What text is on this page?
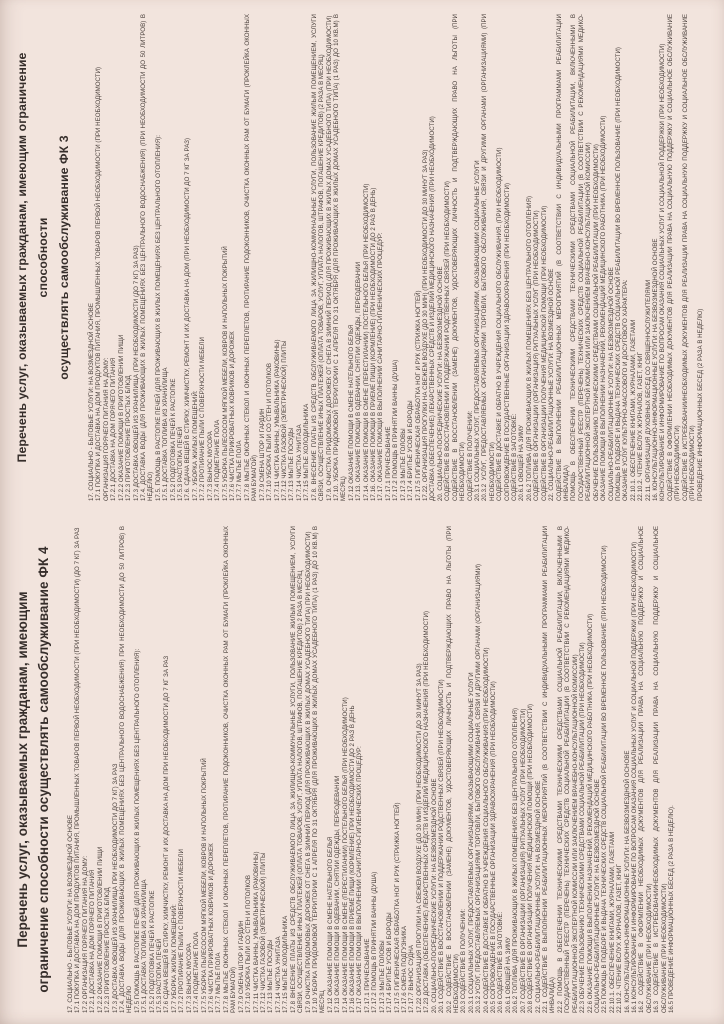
Перечень услуг, оказываемых гражданам, имеющим ограничение способности осуществлять самообслуживание ФК 4	17. СОЦИАЛЬНО - БЫТОВЫЕ УСЛУГИ: НА ВОЗМЕЗДНОЙ ОСНОВЕ 17.1 ПОКУПКА И ДОСТАВКА НА ДОМ ПРОДУКТОВ ПИТАНИЯ, ПРОМЫШЛЕННЫХ ТОВАРОВ ПЕРВОЙ НЕОБХОДИМОСТИ (ПРИ НЕОБХОДИМОСТИ) (ДО 7 КГ) ЗА РАЗ 17.2 ОРГАНИЗАЦИЯ ГОРЯЧЕГО ПИТАНИЯ НА ДОМУ: 17.2.1 ДОСТАВКА НА ДОМ ГОРЯЧЕГО ПИТАНИЯ 17.2.2 ОКАЗАНИЕ ПОМОЩИ В ПРИГОТОВЛЕНИИ ПИЩИ 17.2.3 ПРИГОТОВЛЕНИЕ ПРОСТЫХ БЛЮД 17.3 ДОСТАВКА ОВОЩЕЙ ИЗ ХРАНИЛИЩА ПРИ НЕОБХОДИМОСТИ ДО 7 КГ) ЗА РАЗ 17.4. ДОСТАВКА ВОДЫ (ДЛЯ ПРОЖИВАЮЩИХ В ЖИЛЫХ ПОМЕЩЕНИЯХ БЕЗ ЦЕНТРАЛЬНОГО ВОДОСНАБЖЕНИЯ) ПРИ НЕОБХОДИМОСТИ ДО 50 ЛИТРОВ) В НЕДЕЛЮ 17.5 ПОМОЩЬ В РАСТОПКЕ ПЕЧЕЙ (ДЛЯ ПРОЖИВАЮЩИХ В ЖИЛЫХ ПОМЕЩЕНИЯХ БЕЗ ЦЕНТРАЛЬНОГО ОТОПЛЕНИЯ): 17.5.1 ДОСТАВКА ТОПЛИВА ИЗ ХРАНИЛИЩА 17.5.2 ПОДГОТОВКА ПЕЧЕЙ К РАСТОПКЕ 17.5.3 РАСТОПКА ПЕЧЕЙ 17.6 СДАЧА ВЕЩЕЙ В СТИРКУ, ХИМЧИСТКУ, РЕМОНТ И ИХ ДОСТАВКА НА ДОМ ПРИ НЕОБХОДИМОСТИ ДО 7 КГ ЗА РАЗ 17.7 УБОРКА ЖИЛЫХ ПОМЕЩЕНИЙ: 17.7.2 ПРОТИРАНИЕ ПЫЛИ С ПОВЕРХНОСТИ МЕБЕЛИ 17.7.3 ВЫНОС МУСОРА 17.7.4 ПОДМЕТАНИЕ ПОЛА 17.7.5 УБОРКА ПЫЛЕСОСОМ МЯГКОЙ МЕБЕЛИ, КОВРОВ И НАПОЛЬНЫХ ПОКРЫТИЙ 17.7.6 ЧИСТКА ПРИКРОВАТНЫХ КОВРИКОВ И ДОРОЖЕК 17.7.7 МЫТЬЕ ПОЛА 17.7.8 МЫТЬЕ ОКОННЫХ СТЕКОЛ И ОКОННЫХ ПЕРЕПЛЕТОВ, ПРОТИРАНИЕ ПОДОКОННИКОВ, ОЧИСТКА ОКОННЫХ РАМ ОТ БУМАГИ (ПРОКЛЕЙКА ОКОННЫХ РАМ БУМАГОЙ) 17.7.9 СМЕНА ШТОР И ГАРДИН 17.7.10 УБОРКА ПЫЛИ СО СТЕН И ПОТОЛКОВ 17.7.11 ЧИСТКА ВАННЫ, УМЫВАЛЬНИКА (РАКОВИНЫ) 17.7.12 ЧИСТКА ГАЗОВОЙ (ЭЛЕКТРИЧЕСКОЙ) ПЛИТЫ 17.7.13 МЫТЬЕ ПОСУДЫ 17.7.14 ЧИСТКА УНИТАЗА 17.7.15 МЫТЬЕ ХОЛОДИЛЬНИКА 17.8 ВНЕСЕНИЕ ПЛАТЫ ИЗ СРЕДСТВ ОБСЛУЖИВАЕМОГО ЛИЦА ЗА ЖИЛИЩНО-КОММУНАЛЬНЫЕ УСЛУГИ, ПОЛЬЗОВАНИЕ ЖИЛЫМ ПОМЕЩЕНИЕМ, УСЛУГИ СВЯЗИ, ОСУЩЕСТВЛЕНИЕ ИНЫХ ПЛАТЕЖЕЙ (ОПЛАТА ТОВАРОВ, УСЛУГ, УПЛАТА НАЛОГОВ, ШТРАФОВ, ПОГАШЕНИЕ КРЕДИТОВ) 2 РАЗА В МЕСЯЦ 17.9 ОЧИСТКА ПРИДОМОВЫХ ДОРОЖЕК ОТ СНЕГА В ЗИМНИЙ ПЕРИОД (ДЛЯ ПРОЖИВАЮЩИХ В ЖИЛЫХ ДОМАХ УСАДЕБНОГО ТИПА) ПРИ НЕОБХОДИМОСТИ) 17.10 УБОРКА ПРИДОМОВОЙ ТЕРРИТОРИИ С 1 АПРЕЛЯ ПО 31 ОКТЯБРЯ (ДЛЯ ПРОЖИВАЮЩИХ В ЖИЛЫХ ДОМАХ УСАДЕБНОГО ТИПА) (1 РАЗ) ДО 10 КВ.М) В МЕСЯЦ 17.12 ОКАЗАНИЕ ПОМОЩИ В СМЕНЕ НАТЕЛЬНОГО БЕЛЬЯ 17.13 ОКАЗАНИЕ ПОМОЩИ В ОДЕВАНИИ, СНЯТИИ ОДЕЖДЫ, ПЕРЕОДЕВАНИИ 17.14 ОКАЗАНИЕ ПОМОЩИ В СМЕНЕ (ПЕРЕСТИЛАНИИ) ПОСТЕЛЬНОГО БЕЛЬЯ (ПРИ НЕОБХОДИМОСТИ) 17.16 ОКАЗАНИЕ ПОМОЩИ В ПРИЕМЕ ПИЩИ (КОРМЛЕНИЕ) ПРИ НЕОБХОДИМОСТИ ДО 2 РАЗ В ДЕНЬ 17.17 ОКАЗАНИЕ ПОМОЩИ В ВЫПОЛНЕНИИ САНИТАРНО-ГИГИЕНИЧЕСКИХ ПРОЦЕДУР: 17.17.1 ПРИЧЕСЫВАНИЕ 17.17.2 ПОМОЩЬ В ПРИНЯТИИ ВАННЫ (ДУША) 17.17.3 МЫТЬЕ ГОЛОВЫ 17.17.4 БРИТЬЕ УСОВ И БОРОДЫ 17.17.5 ГИГИЕНИЧЕСКАЯ ОБРАБОТКА НОГ И РУК (СТРИЖКА НОГТЕЙ) 17.17.6 СМЕНА ПОДГУЗНИКА 17.17.7 ВЫНОС СУДНА 17.22 ОРГАНИЗАЦИЯ ПРОГУЛКИ НА СВЕЖЕМ ВОЗДУХЕ (ДО 30 МИН) (ПРИ НЕОБХОДИМОСТИ ДО 30 МИНУТ ЗА РАЗ) 17.23 ДОСТАВКА (ОБЕСПЕЧЕНИЕ) ЛЕКАРСТВЕННЫХ СРЕДСТВ И ИЗДЕЛИЙ МЕДИЦИНСКОГО НАЗНАЧЕНИЯ (ПРИ НЕОБХОДИМОСТИ) 20. СОЦИАЛЬНО-ПОСРЕДНИЧЕСКИЕ УСЛУГИ: НА БЕЗВОЗМЕЗДНОЙ ОСНОВЕ 20.1 СОДЕЙСТВИЕ В ВОССТАНОВЛЕНИИ И ПОДДЕРЖАНИИ РОДСТВЕННЫХ СВЯЗЕЙ (ПРИ НЕОБХОДИМОСТИ) 20.2 СОДЕЙСТВИЕ В ВОССТАНОВЛЕНИИ (ЗАМЕНЕ) ДОКУМЕНТОВ, УДОСТОВЕРЯЮЩИХ ЛИЧНОСТЬ И ПОДТВЕРЖДАЮЩИХ ПРАВО НА ЛЬГОТЫ (ПРИ НЕОБХОДИМОСТИ) 20.3 СОДЕЙСТВИЕ В ПОЛУЧЕНИИ: 20.3.1 СОЦИАЛЬНЫХ УСЛУГ, ПРЕДОСТАВЛЯЕМЫХ ОРГАНИЗАЦИЯМИ, ОКАЗЫВАЮЩИМИ СОЦИАЛЬНЫЕ УСЛУГИ 20.3.2 УСЛУГ, ПРЕДОСТАВЛЯЕМЫХ ОРГАНИЗАЦИЯМИ ТОРГОВЛИ, БЫТОВОГО ОБСЛУЖИВАНИЯ, СВЯЗИ И ДРУГИМИ ОРГАНАМИ (ОРГАНИЗАЦИЯМИ) 20.4 СОДЕЙСТВИЕ В ДОСТАВКЕ И ОБРАТНО В УЧРЕЖДЕНИЯ СОЦИАЛЬНОГО ОБСЛУЖИВАНИЯ:(ПРИ НЕОБХОДИМОСТИ) 20.5 СОПРОВОЖДЕНИЕ В ГОСУДАРСТВЕННЫЕ ОРГАНИЗАЦИИ ЗДРАВООХРАНЕНИЯ (ПРИ НЕОБХОДИМОСТИ) 20.6 СОДЕЙСТВИЕ В ЗАГОТОВКЕ: 20.6.1 ОВОЩЕЙ НА ЗИМУ 20.6.2 ТОПЛИВА (ДЛЯ ПРОЖИВАЮЩИХ В ЖИЛЫХ ПОМЕЩЕНИЯХ БЕЗ ЦЕНТРАЛЬНОГО ОТОПЛЕНИЯ) 20.7 СОДЕЙСТВИЕ В ОРГАНИЗАЦИИ (ОРГАНИЗАЦИЯ) РИТУАЛЬНЫХ УСЛУГ (ПРИ НЕОБХОДИМОСТИ) 20.8 СОДЕЙСТВИЕ В ОРГАНИЗАЦИИ ПОЛУЧЕНИЯ МЕДИЦИНСКОЙ ПОМОЩИ (ПРИ НЕОБХОДИМОСТИ) 22. СОЦИАЛЬНО-РЕАБИЛИТАЦИОННЫЕ УСЛУГИ: НА ВОЗМЕЗДНОЙ ОСНОВЕ 22.1 СОДЕЙСТВИЕ В ВЫПОЛНЕНИИ РЕАБИЛИТАЦИОННЫХ МЕРОПРИЯТИЙ (В СООТВЕТСТВИИ С ИНДИВИДУАЛЬНЫМИ ПРОГРАММАМИ РЕАБИЛИТАЦИИ ИНВАЛИДА) 22.2 ПОМОЩЬ В ОБЕСПЕЧЕНИИ ТЕХНИЧЕСКИМИ СРЕДСТВАМИ ТЕХНИЧЕСКИМИ СРЕДСТВАМИ СОЦИАЛЬНОЙ РЕАБИЛИТАЦИИ, ВКЛЮЧЕННЫМИ В ГОСУДАРСТВЕННЫЙ РЕЕСТР (ПЕРЕЧЕНЬ) ТЕХНИЧЕСКИХ СРЕДСТВ СОЦИАЛЬНОЙ РЕАБИЛИТАЦИИ (В СООТВЕТСТВИИ С РЕКОМЕНДАЦИЯМИ МЕДИКО-РЕАБИЛИТАЦИОННОЙ ЭКСПЕРТНОЙ КОМИССИИ ИЛИ ЗАКЛЮЧЕНИЕМ ВРАЧЕБНО-КОНСУЛЬТАЦИОННОЙ КОМИССИИ) 22.3 ОБУЧЕНИЕ ПОЛЬЗОВАНИЮ ТЕХНИЧЕСКИМИ СРЕДСТВАМИ СОЦИАЛЬНОЙ РЕАБИЛИТАЦИИ (ПРИ НЕОБХОДИМОСТИ) 22.6 ОКАЗАНИЕ ПОМОЩИ В ВЫПОЛНЕНИИ НАЗНАЧЕНИЙ, РЕКОМЕНДАЦИЙ МЕДИЦИНСКОГО РАБОТНИКА (ПРИ НЕОБХОДИМОСТИ) СОЦИАЛЬНО-РЕАБИЛИТАЦИОННЫЕ УСЛУГИ: НА БЕЗВОЗМЕЗДНОЙ ОСНОВЕ 22.5 ПОМОЩЬ В ПОДБОРЕ И ВЫДАЧА ТЕХНИЧЕСКИХ СРЕДСТВ СОЦИАЛЬНОЙ РЕАБИЛИТАЦИИ ВО ВРЕМЕННОЕ ПОЛЬЗОВАНИЕ (ПРИ НЕОБХОДИМОСТИ) 22.10.1. ОБЕСПЕЧЕНИЕ КНИГАМИ, ЖУРНАЛАМИ, ГАЗЕТАМИ 22.10.2. ЧТЕНИЕ ВСЛУХ ЖУРНАЛОВ, ГАЗЕТ, КНИГ 16. КОНСУЛЬТАЦИОННО-ИНФОРМАЦИОННЫЕ УСЛУГИ: НА БЕЗВОЗМЕЗДНОЙ ОСНОВЕ 16.1 КОНСУЛЬТИРОВАНИЕ И ИНФОРМИРОВАНИЕ ПО ВОПРОСАМ ОКАЗАНИЯ СОЦИАЛЬНЫХ УСЛУГ И СОЦИАЛЬНОЙ ПОДДЕРЖКИ (ПРИ НЕОБХОДИМОСТИ) 16.2 СОДЕЙСТВИЕ В ОФОРМЛЕНИИ НЕОБХОДИМЫХ ДОКУМЕНТОВ ДЛЯ РЕАЛИЗАЦИИ ПРАВА НА СОЦИАЛЬНУЮ ПОДДЕРЖКУ И СОЦИАЛЬНОЕ ОБСЛУЖИВАНИЕ (ПРИ НЕОБХОДИМОСТИ) 16.3 СОДЕЙСТВИЕ В ИСТРЕБОВАНИИНЕОБХОДИМЫХ ДОКУМЕНТОВ ДЛЯ РЕАЛИЗАЦИИ ПРАВА НА СОЦИАЛЬНУЮ ПОДДЕРЖКУ И СОЦИАЛЬНОЕ ОБСЛУЖИВАНИЕ (ПРИ НЕОБХОДИМОСТИ) 16.5 ПРОВЕДЕНИЕ ИНФОРМАЦИОННЫХ БЕСЕД (2 РАЗА В НЕДЕЛЮ).
Перечень услуг, оказываемых гражданам, имеющим ограничение способности осуществлять самообслуживание ФК 3
17. СОЦИАЛЬНО - БЫТОВЫЕ УСЛУГИ: НА ВОЗМЕЗДНОЙ ОСНОВЕ 17.1 ПОКУПКА И ДОСТАВКА НА ДОМ ПРОДУКТОВ ПИТАНИЯ, ПРОМЫШЛЕННЫХ ТОВАРОВ ПЕРВОЙ НЕОБХОДИМОСТИ (ПРИ НЕОБХОДИМОСТИ) ОРГАНИЗАЦИЯ ГОРЯЧЕГО ПИТАНИЯ НА ДОМУ: 17.2.1 ДОСТАВКА НА ДОМ ГОРЯЧЕГО ПИТАНИЯ 17.2.2 ОКАЗАНИЕ ПОМОЩИ В ПРИГОТОВЛЕНИИ ПИЩИ 17.2.3 ПРИГОТОВЛЕНИЕ ПРОСТЫХ БЛЮД 17.3 ДОСТАВКА ОВОЩЕЙ ИЗ ХРАНИЛИЩА (ПРИ НЕОБХОДИМОСТИ (ДО 7 КГ) ЗА РАЗ) 17.4. ДОСТАВКА ВОДЫ (ДЛЯ ПРОЖИВАЮЩИХ В ЖИЛЫХ ПОМЕЩЕНИЯХ БЕЗ ЦЕНТРАЛЬНОГО ВОДОСНАБЖЕНИЯ) (ПРИ НЕОБХОДИМОСТИ ДО 50 ЛИТРОВ) В НЕДЕЛЮ) 17.5. ПОМОЩЬ В РАСТОПКЕ ПЕЧЕЙ (ДЛЯ ПРОЖИВАЮЩИХ В ЖИЛЫХ ПОМЕЩЕНИЯХ БЕЗ ЦЕНТРАЛЬНОГО ОТОПЛЕНИЯ): 17.5.1 ДОСТАВКА ТОПЛИВА ИЗ ХРАНИЛИЩА 17.5.2 ПОДГОТОВКА ПЕЧЕЙ К РАСТОПКЕ 17.5.3 РАСТОПКА ПЕЧЕЙ 17.6. СДАЧА ВЕЩЕЙ В СТИРКУ, ХИМЧИСТКУ, РЕМОНТ И ИХ ДОСТАВКА НА ДОМ (ПРИ НЕОБХОДИМОСТИ ДО 7 КГ ЗА РАЗ) 17.7. УБОРКА ЖИЛЫХ ПОМЕЩЕНИЙ: 17.7.2 ПРОТИРАНИЕ ПЫЛИ С ПОВЕРХНОСТИ МЕБЕЛИ 17.7.3 ВЫНОС МУСОРА 17.7.4 ПОДМЕТАНИЕ ПОЛА 17.7.5 УБОРКА ПЫЛЕСОСОМ МЯГКОЙ МЕБЕЛИ, КОВРОВ И НАПОЛЬНЫХ ПОКРЫТИЙ 17.7.6 ЧИСТКА ПРИКРОВАТНЫХ КОВРИКОВ И ДОРОЖЕК 17.7.7 МЫТЬЕ ПОЛА 17.7.8 МЫТЬЕ ОКОННЫХ СТЕКОЛ И ОКОННЫХ ПЕРЕПЛЕТОВ, ПРОТИРАНИЕ ПОДОКОННИКОВ, ОЧИСТКА ОКОННЫХ РАМ ОТ БУМАГИ (ПРОКЛЕЙКА ОКОННЫХ РАМ БУМАГОЙ) 17.7.9 СМЕНА ШТОР И ГАРДИН 17.7.10 УБОРКА ПЫЛИ СО СТЕН И ПОТОЛКОВ 17.7.11 ЧИСТКА ВАННЫ, УМЫВАЛЬНИКА (РАКОВИНЫ) 17.7.12 ЧИСТКА ГАЗОВОЙ (ЭЛЕКТРИЧЕСКОЙ) ПЛИТЫ 17.7.13 МЫТЬЕ ПОСУДЫ 17.7.14 ЧИСТКА УНИТАЗА 17.7.15 МЫТЬЕ ХОЛОДИЛЬНИКА 17.8. ВНЕСЕНИЕ ПЛАТЫ ИЗ СРЕДСТВ ОБСЛУЖИВАЕМОГО ЛИЦА ЗА ЖИЛИЩНО-КОММУНАЛЬНЫЕ УСЛУГИ, ПОЛЬЗОВАНИЕ ЖИЛЫМ ПОМЕЩЕНИЕМ, УСЛУГИ СВЯЗИ, ОСУЩЕСТВЛЕНИЕ ИНЫХ ПЛАТЕЖЕЙ (ОПЛАТА ТОВАРОВ, УСЛУГ, УПЛАТА НАЛОГОВ, ШТРАФОВ, ПОГАШЕНИЕ КРЕДИТОВ) (2 РАЗА В МЕСЯЦ) 17.9. ОЧИСТКА ПРИДОМОВЫХ ДОРОЖЕК ОТ СНЕГА В ЗИМНИЙ ПЕРИОД (ДЛЯ ПРОЖИВАЮЩИХ В ЖИЛЫХ ДОМАХ УСАДЕБНОГО ТИПА) (ПРИ НЕОБХОДИМОСТИ) 17.10. УБОРКА ПРИДОМОВОЙ ТЕРРИТОРИИ С 1 АПРЕЛЯ ПО 31 ОКТЯБРЯ (ДЛЯ ПРОЖИВАЮЩИХ В ЖИЛЫХ ДОМАХ УСАДЕБНОГО ТИПА) (1 РАЗ) ДО 10 КВ.М) В МЕСЯЦ) 17.12 ОКАЗАНИЕ ПОМОЩИ В СМЕНЕ НАТЕЛЬНОГО БЕЛЬЯ 17.13. ОКАЗАНИЕ ПОМОЩИ В ОДЕВАНИИ, СНЯТИИ ОДЕЖДЫ, ПЕРЕОДЕВАНИИ 17.14. ОКАЗАНИЕ ПОМОЩИ В СМЕНЕ (ПЕРЕСТИЛАНИИ) ПОСТЕЛЬНОГО БЕЛЬЯ (ПРИ НЕОБХОДИМОСТИ) 17.16. ОКАЗАНИЕ ПОМОЩИ В ПРИЕМЕ ПИЩИ (КОРМЛЕНИЕ) (ПРИ НЕОБХОДИМОСТИ ДО 2 РАЗ В ДЕНЬ) 17.17. ОКАЗАНИЕ ПОМОЩИ В ВЫПОЛНЕНИИ САНИТАРНО-ГИГИЕНИЧЕСКИХ ПРОЦЕДУР: 17.17.1 ПРИЧЕСЫВАНИЕ 17.17.2 ПОМОЩЬ В ПРИНЯТИИ ВАННЫ (ДУША) 17.17.3 МЫТЬЕ ГОЛОВЫ 17.17.4 БРИТЬЕ УСОВ И БОРОДЫ 17.17.5 ГИГИЕНИЧЕСКАЯ ОБРАБОТКА НОГ И РУК (СТРИЖКА НОГТЕЙ) 17.22. ОРГАНИЗАЦИЯ ПРОГУЛКИ НА СВЕЖЕМ ВОЗДУХЕ (ДО 30 МИН) (ПРИ НЕОБХОДИМОСТИ ДО 30 МИНУТ ЗА РАЗ) ДОСТАВКА (ОБЕСПЕЧЕНИЕ) ЛЕКАРСТВЕННЫХ СРЕДСТВ И ИЗДЕЛИЙ МЕДИЦИНСКОГО НАЗНАЧЕНИЯ (ПРИ НЕОБХОДИМОСТИ) 20. СОЦИАЛЬНО-ПОСРЕДНИЧЕСКИЕ УСЛУГИ: НА БЕЗВОЗМЕЗДНОЙ ОСНОВЕ СОДЕЙСТВИЕ В ВОССТАНОВЛЕНИИ И ПОДДЕРЖАНИИ РОДСТВЕННЫХ СВЯЗЕЙ (ПРИ НЕОБХОДИМОСТИ) СОДЕЙСТВИЕ В ВОССТАНОВЛЕНИИ (ЗАМЕНЕ) ДОКУМЕНТОВ, УДОСТОВЕРЯЮЩИХ ЛИЧНОСТЬ И ПОДТВЕРЖДАЮЩИХ ПРАВО НА ЛЬГОТЫ (ПРИ НЕОБХОДИМОСТИ) СОДЕЙСТВИЕ В ПОЛУЧЕНИИ: 20.3.1 СОЦИАЛЬНЫХ УСЛУГ, ПРЕДОСТАВЛЯЕМЫХ ОРГАНИЗАЦИЯМИ, ОКАЗЫВАЮЩИМИ СОЦИАЛЬНЫЕ УСЛУГИ 20.3.2 УСЛУГ, ПРЕДОСТАВЛЯЕМЫХ ОРГАНИЗАЦИЯМИ ТОРГОВЛИ, БЫТОВОГО ОБСЛУЖИВАНИЯ, СВЯЗИ И ДРУГИМИ ОРГАНАМИ (ОРГАНИЗАЦИЯМИ) (ПРИ НЕОБХОДИМОСТИ) СОДЕЙСТВИЕ В ДОСТАВКЕ И ОБРАТНО В УЧРЕЖДЕНИЯ СОЦИАЛЬНОГО ОБСЛУЖИВАНИЯ. (ПРИ НЕОБХОДИМОСТИ) СОПРОВОЖДЕНИЕ В ГОСУДАРСТВЕННЫЕ ОРГАНИЗАЦИИ ЗДРАВООХРАНЕНИЯ (ПРИ НЕОБХОДИМОСТИ) СОДЕЙСТВИЕ В ЗАГОТОВКЕ: 20.6.1 ОВОЩЕЙ НА ЗИМУ 20.6.2 ТОПЛИВА (ДЛЯ ПРОЖИВАЮЩИХ В ЖИЛЫХ ПОМЕЩЕНИЯХ БЕЗ ЦЕНТРАЛЬНОГО ОТОПЛЕНИЯ) СОДЕЙСТВИЕ В ОРГАНИЗАЦИИ (ОРГАНИЗАЦИЯ) РИТУАЛЬНЫХ УСЛУГ (ПРИ НЕОБХОДИМОСТИ) СОДЕЙСТВИЕ В ОРГАНИЗАЦИИ ПОЛУЧЕНИЯ МЕДИЦИНСКОЙ ПОМОЩИ (ПРИ НЕОБХОДИМОСТИ) 22. СОЦИАЛЬНО-РЕАБИЛИТАЦИОННЫЕ УСЛУГИ: НА ВОЗМЕЗДНОЙ ОСНОВЕ СОДЕЙСТВИЕ В ВЫПОЛНЕНИИ РЕАБИЛИТАЦИОННЫХ МЕРОПРИЯТИЙ (В СООТВЕТСТВИИ С ИНДИВИДУАЛЬНЫМИ ПРОГРАММАМИ РЕАБИЛИТАЦИИ ИНВАЛИДА) ПОМОЩЬ В ОБЕСПЕЧЕНИИ ТЕХНИЧЕСКИМИ СРЕДСТВАМИ ТЕХНИЧЕСКИМИ СРЕДСТВАМИ СОЦИАЛЬНОЙ РЕАБИЛИТАЦИИ, ВКЛЮЧЕННЫМИ В ГОСУДАРСТВЕННЫЙ РЕЕСТР (ПЕРЕЧЕНЬ) ТЕХНИЧЕСКИХ СРЕДСТВ СОЦИАЛЬНОЙ РЕАБИЛИТАЦИИ (В СООТВЕТСТВИИ С РЕКОМЕНДАЦИЯМИ МЕДИКО-РЕАБИЛИТАЦИОННОЙ ЭКСПЕРТНОЙ КОМИССИИ ИЛИ ЗАКЛЮЧЕНИЕМ ВРАЧЕБНО-КОНСУЛЬТАЦИОННОЙ КОМИССИИ) ОБУЧЕНИЕ ПОЛЬЗОВАНИЮ ТЕХНИЧЕСКИМИ СРЕДСТВАМИ СОЦИАЛЬНОЙ РЕАБИЛИТАЦИИ (ПРИ НЕОБХОДИМОСТИ) ОКАЗАНИЕ ПОМОЩИ В ВЫПОЛНЕНИИ НАЗНАЧЕНИЙ, РЕКОМЕНДАЦИЙ МЕДИЦИНСКОГО РАБОТНИКА (ПРИ НЕОБХОДИМОСТИ) СОЦИАЛЬНО-РЕАБИЛИТАЦИОННЫЕ УСЛУГИ: НА БЕЗВОЗМЕЗДНОЙ ОСНОВЕ ПОМОЩЬ В ПОДБОРЕ И ВЫДАЧА ТЕХНИЧЕСКИХ СРЕДСТВ СОЦИАЛЬНОЙ РЕАБИЛИТАЦИИ ВО ВРЕМЕННОЕ ПОЛЬЗОВАНИЕ (ПРИ НЕОБХОДИМОСТИ) ОКАЗАНИЕ УСЛУГ КУЛЬТУРНО-МАССОВОГО И ДОСУГОВОГО ХАРАКТЕРА: 22.10.1. ОБЕСПЕЧЕНИЕ КНИГАМИ, ЖУРНАЛАМИ, ГАЗЕТАМИ 22.10.2. ЧТЕНИЕ ВСЛУХ ЖУРНАЛОВ, ГАЗЕТ, КНИГ 22.11. ОРГАНИЗАЦИЯ ДУХОВНЫХ БЕСЕД СО СВЯЩЕННОСЛУЖИТЕЛЯМИ 16. КОНСУЛЬТАЦИОННО-ИНФОРМАЦИОННЫЕ УСЛУГИ: НА БЕЗВОЗМЕЗДНОЙ ОСНОВЕ КОНСУЛЬТИРОВАНИЕ И ИНФОРМИРОВАНИЕ ПО ВОПРОСАМ ОКАЗАНИЯ СОЦИАЛЬНЫХ УСЛУГ И СОЦИАЛЬНОЙ ПОДДЕРЖКИ (ПРИ НЕОБХОДИМОСТИ) СОДЕЙСТВИЕ В ОФОРМЛЕНИИ НЕОБХОДИМЫХ ДОКУМЕНТОВ ДЛЯ РЕАЛИЗАЦИИ ПРАВА НА СОЦИАЛЬНУЮ ПОДДЕРЖКУ И СОЦИАЛЬНОЕ ОБСЛУЖИВАНИЕ (ПРИ НЕОБХОДИМОСТИ) СОДЕЙСТВИЕ В ИСТРЕБОВАНИИНЕОБХОДИМЫХ ДОКУМЕНТОВ ДЛЯ РЕАЛИЗАЦИИ ПРАВА НА СОЦИАЛЬНУЮ ПОДДЕРЖКУ И СОЦИАЛЬНОЕ ОБСЛУЖИВАНИЕ (ПРИ НЕОБХОДИМОСТИ) ПРОВЕДЕНИЕ ИНФОРМАЦИОННЫХ БЕСЕД (2 РАЗА В НЕДЕЛЮ)
